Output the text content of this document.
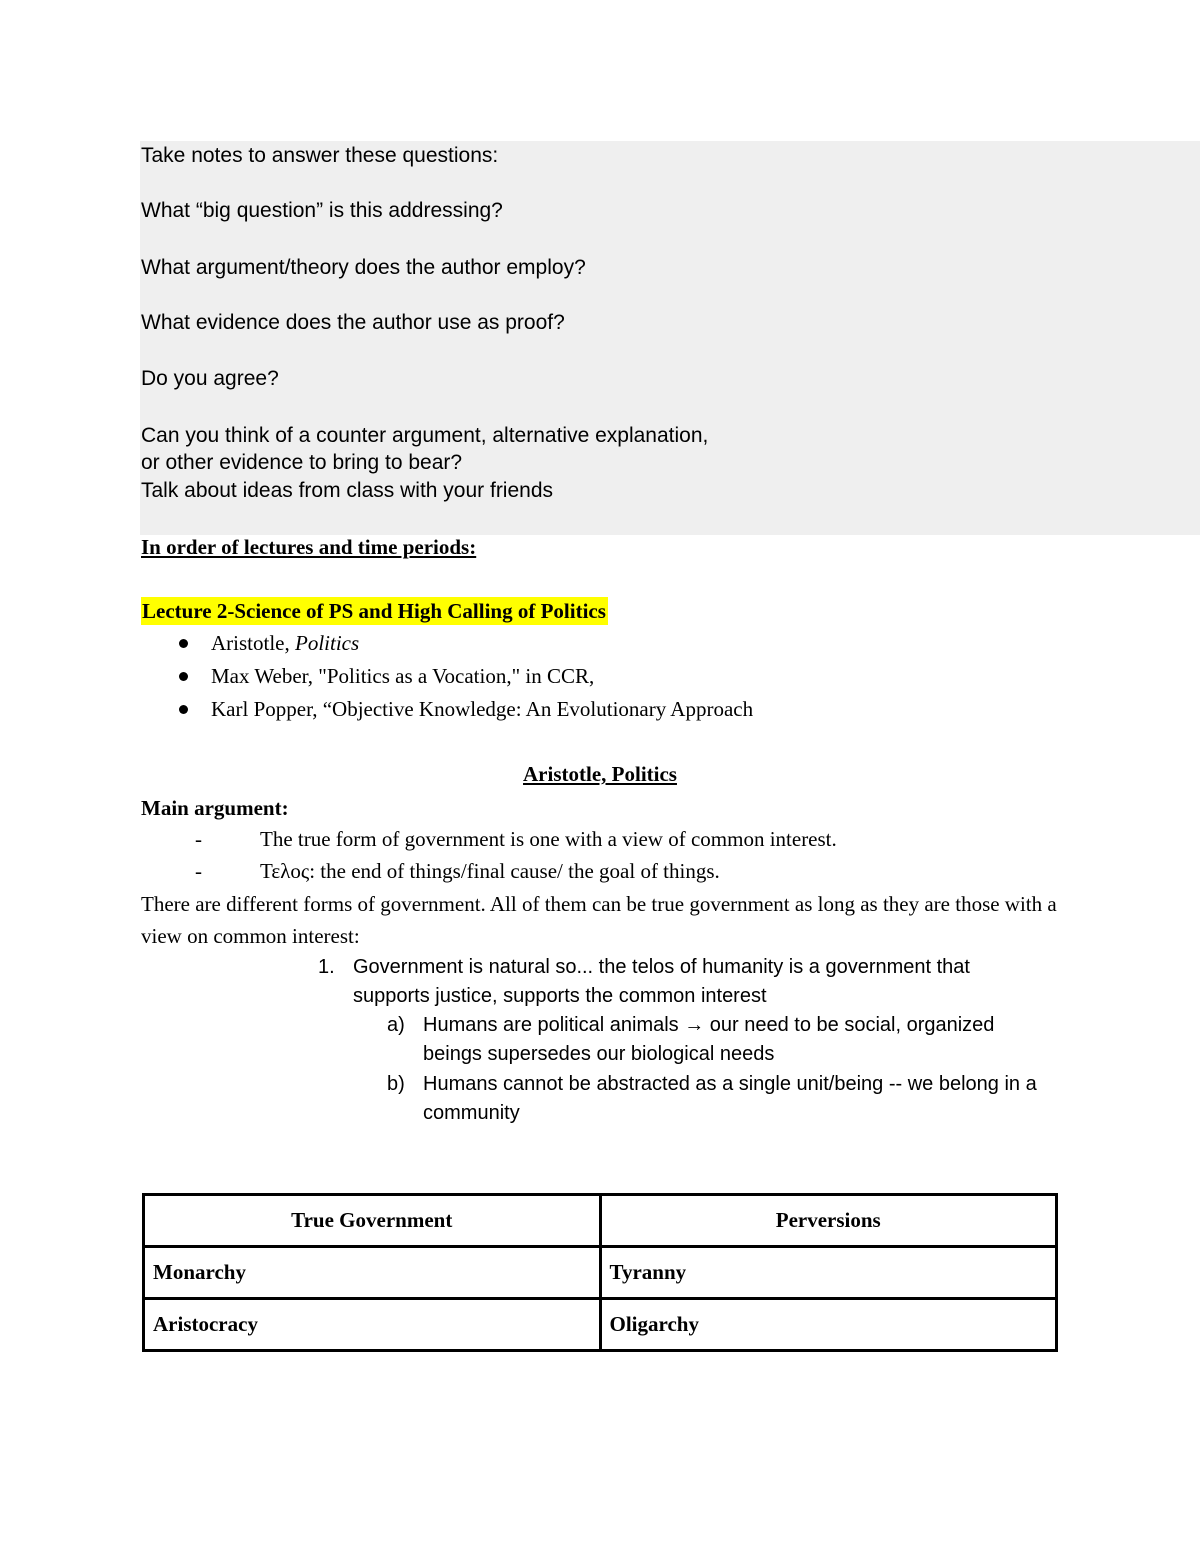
Take notes to answer these questions:
What “big question” is this addressing?
What argument/theory does the author employ?
What evidence does the author use as proof?
Do you agree?
Can you think of a counter argument, alternative explanation,
or other evidence to bring to bear?
Talk about ideas from class with your friends
In order of lectures and time periods:
Lecture 2-Science of PS and High Calling of Politics
Aristotle, Politics
Max Weber, "Politics as a Vocation," in CCR,
Karl Popper, “Objective Knowledge: An Evolutionary Approach
Aristotle, Politics
Main argument:
-	The true form of government is one with a view of common interest.
-	Τελος: the end of things/final cause/ the goal of things.
There are different forms of government. All of them can be true government as long as they are those with a view on common interest:
1. Government is natural so... the telos of humanity is a government that supports justice, supports the common interest
a) Humans are political animals → our need to be social, organized beings supersedes our biological needs
b) Humans cannot be abstracted as a single unit/being -- we belong in a community
True Government	Perversions
Monarchy	Tyranny
Aristocracy	Oligarchy
